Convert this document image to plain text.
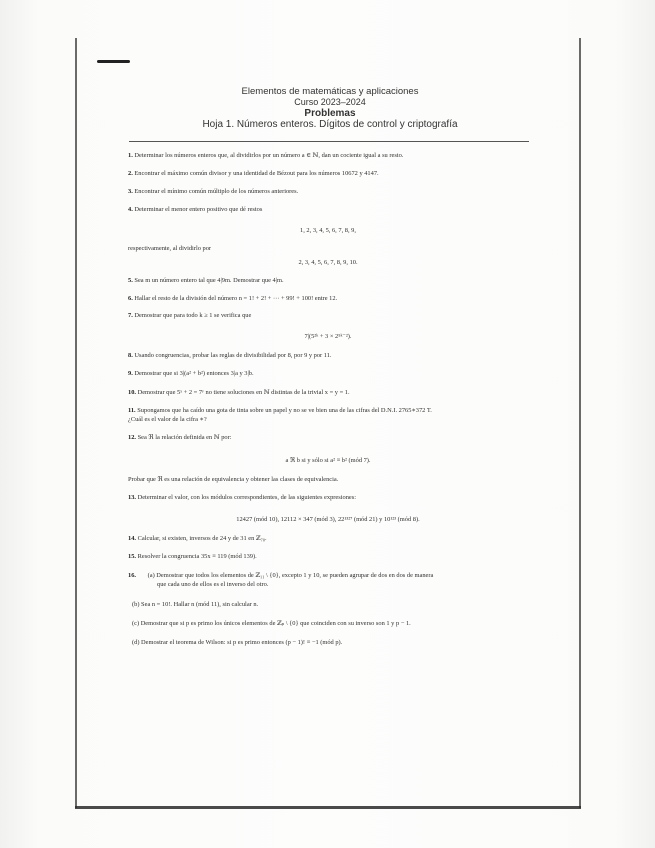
Elementos de matemáticas y aplicaciones
Curso 2023–2024
Problemas
Hoja 1. Números enteros. Dígitos de control y criptografía
1. Determinar los números enteros que, al dividirlos por un número a ∈ ℕ, dan un cociente igual a su resto.
2. Encontrar el máximo común divisor y una identidad de Bézout para los números 10672 y 4147.
3. Encontrar el mínimo común múltiplo de los números anteriores.
4. Determinar el menor entero positivo que dé restos
1, 2, 3, 4, 5, 6, 7, 8, 9,
respectivamente, al dividirlo por
2, 3, 4, 5, 6, 7, 8, 9, 10.
5. Sea m un número entero tal que 4|9m. Demostrar que 4|m.
6. Hallar el resto de la división del número n = 1! + 2! + ··· + 99! + 100! entre 12.
7. Demostrar que para todo k ≥ 1 se verifica que
7|(5²ᵏ + 3 × 2⁵ᵏ⁻²).
8. Usando congruencias, probar las reglas de divisibilidad por 8, por 9 y por 11.
9. Demostrar que si 3|(a² + b²) entonces 3|a y 3|b.
10. Demostrar que 5ˣ + 2 = 7ʸ no tiene soluciones en ℕ distintas de la trivial x = y = 1.
11. Supongamos que ha caído una gota de tinta sobre un papel y no se ve bien una de las cifras del D.N.I. 2765∗372 T.
¿Cuál es el valor de la cifra ∗?
12. Sea ℜ la relación definida en ℕ por:
a ℜ b si y sólo si a² ≡ b² (mód 7).
Probar que ℜ es una relación de equivalencia y obtener las clases de equivalencia.
13. Determinar el valor, con los módulos correspondientes, de las siguientes expresiones:
12427 (mód 10), 12112 × 347 (mód 3), 22¹³²⁷ (mód 21) y 10¹²³ (mód 8).
14. Calcular, si existen, inversos de 24 y de 31 en ℤ₇₀.
15. Resolver la congruencia 35x ≡ 119 (mód 139).
16. (a) Demostrar que todos los elementos de ℤ₁₁ \ {0}, excepto 1 y 10, se pueden agrupar de dos en dos de manera
que cada uno de ellos es el inverso del otro.
(b) Sea n = 10!. Hallar n (mód 11), sin calcular n.
(c) Demostrar que si p es primo los únicos elementos de ℤₚ \ {0} que coinciden con su inverso son 1 y p − 1.
(d) Demostrar el teorema de Wilson: si p es primo entonces (p − 1)! ≡ −1 (mód p).
